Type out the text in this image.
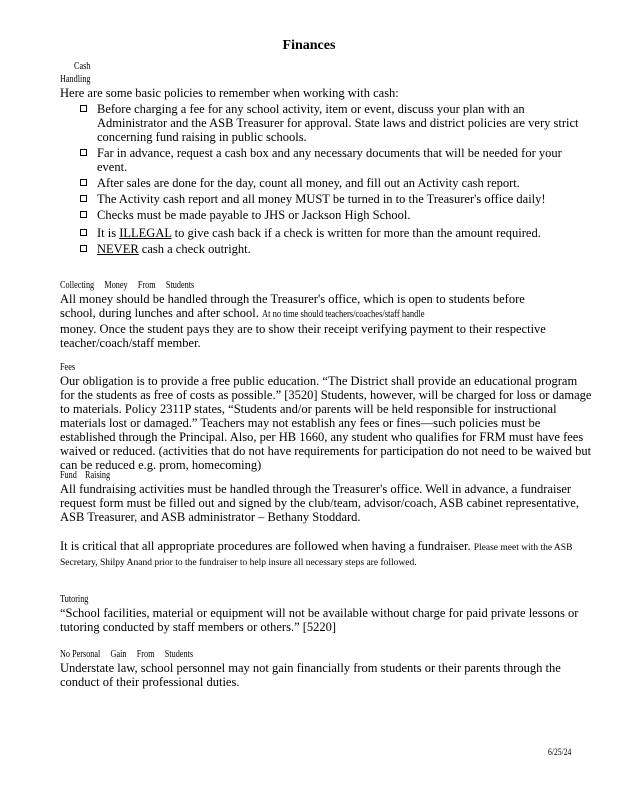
Finances
Cash
Handling
Here are some basic policies to remember when working with cash:
Before charging a fee for any school activity, item or event, discuss your plan with an Administrator and the ASB Treasurer for approval. State laws and district policies are very strict concerning fund raising in public schools.
Far in advance, request a cash box and any necessary documents that will be needed for your event.
After sales are done for the day, count all money, and fill out an Activity cash report.
The Activity cash report and all money MUST be turned in to the Treasurer's office daily!
Checks must be made payable to JHS or Jackson High School.
It is ILLEGAL to give cash back if a check is written for more than the amount required.
NEVER cash a check outright.
Collecting     Money     From     Students
All money should be handled through the Treasurer's office, which is open to students before
school, during lunches and after school. At no time should teachers/coaches/staff handle
money. Once the student pays they are to show their receipt verifying payment to their respective teacher/coach/staff member.
Fees
Our obligation is to provide a free public education. “The District shall provide an educational program for the students as free of costs as possible.” [3520] Students, however, will be charged for loss or damage to materials. Policy 2311P states, “Students and/or parents will be held responsible for instructional materials lost or damaged.” Teachers may not establish any fees or fines—such policies must be established through the Principal. Also, per HB 1660, any student who qualifies for FRM must have fees waived or reduced. (activities that do not have requirements for participation do not need to be waived but can be reduced e.g. prom, homecoming)
Fund    Raising
All fundraising activities must be handled through the Treasurer's office. Well in advance, a fundraiser request form must be filled out and signed by the club/team, advisor/coach, ASB cabinet representative, ASB Treasurer, and ASB administrator – Bethany Stoddard.
It is critical that all appropriate procedures are followed when having a fundraiser. Please meet with the ASB Secretary, Shilpy Anand prior to the fundraiser to help insure all necessary steps are followed.
Tutoring
“School facilities, material or equipment will not be available without charge for paid private lessons or tutoring conducted by staff members or others.” [5220]
No Personal     Gain     From     Students
Understate law, school personnel may not gain financially from students or their parents through the conduct of their professional duties.
6/25/24
